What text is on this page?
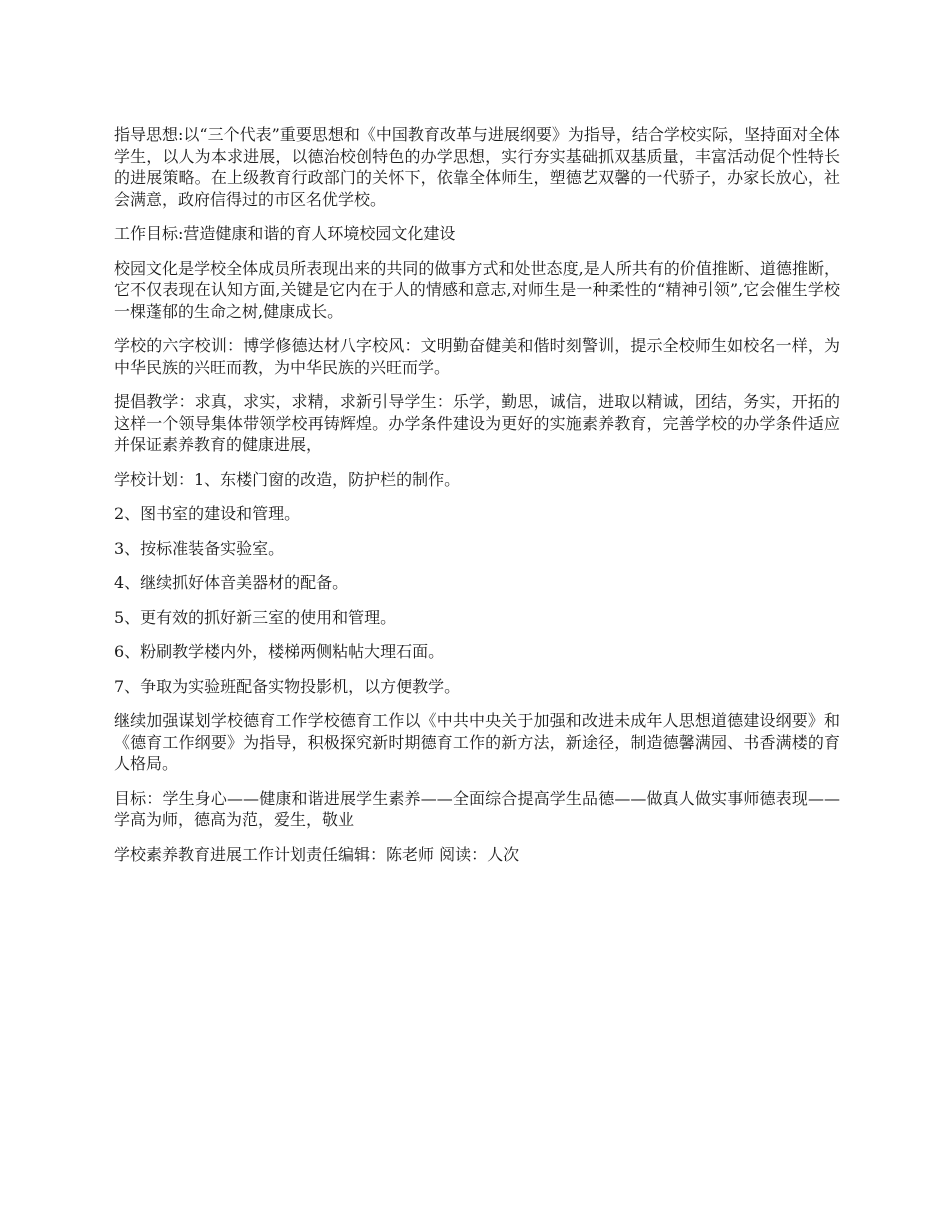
指导思想:以“三个代表”重要思想和《中国教育改革与进展纲要》为指导，结合学校实际，坚持面对全体学生，以人为本求进展，以德治校创特色的办学思想，实行夯实基础抓双基质量，丰富活动促个性特长的进展策略。在上级教育行政部门的关怀下，依靠全体师生，塑德艺双馨的一代骄子，办家长放心，社会满意，政府信得过的市区名优学校。

工作目标:营造健康和谐的育人环境校园文化建设

校园文化是学校全体成员所表现出来的共同的做事方式和处世态度,是人所共有的价值推断、道德推断，它不仅表现在认知方面,关键是它内在于人的情感和意志,对师生是一种柔性的“精神引领”,它会催生学校一棵蓬郁的生命之树,健康成长。

学校的六字校训：博学修德达材八字校风：文明勤奋健美和偕时刻警训，提示全校师生如校名一样，为中华民族的兴旺而教，为中华民族的兴旺而学。

提倡教学：求真，求实，求精，求新引导学生：乐学，勤思，诚信，进取以精诚，团结，务实，开拓的这样一个领导集体带领学校再铸辉煌。办学条件建设为更好的实施素养教育，完善学校的办学条件适应并保证素养教育的健康进展，

学校计划：1、东楼门窗的改造，防护栏的制作。

2、图书室的建设和管理。

3、按标准装备实验室。

4、继续抓好体音美器材的配备。

5、更有效的抓好新三室的使用和管理。

6、粉刷教学楼内外，楼梯两侧粘帖大理石面。

7、争取为实验班配备实物投影机，以方便教学。

继续加强谋划学校德育工作学校德育工作以《中共中央关于加强和改进未成年人思想道德建设纲要》和《德育工作纲要》为指导，积极探究新时期德育工作的新方法，新途径，制造德馨满园、书香满楼的育人格局。

目标：学生身心——健康和谐进展学生素养——全面综合提高学生品德——做真人做实事师德表现——学高为师，德高为范，爱生，敬业

学校素养教育进展工作计划责任编辑：陈老师 阅读：人次
